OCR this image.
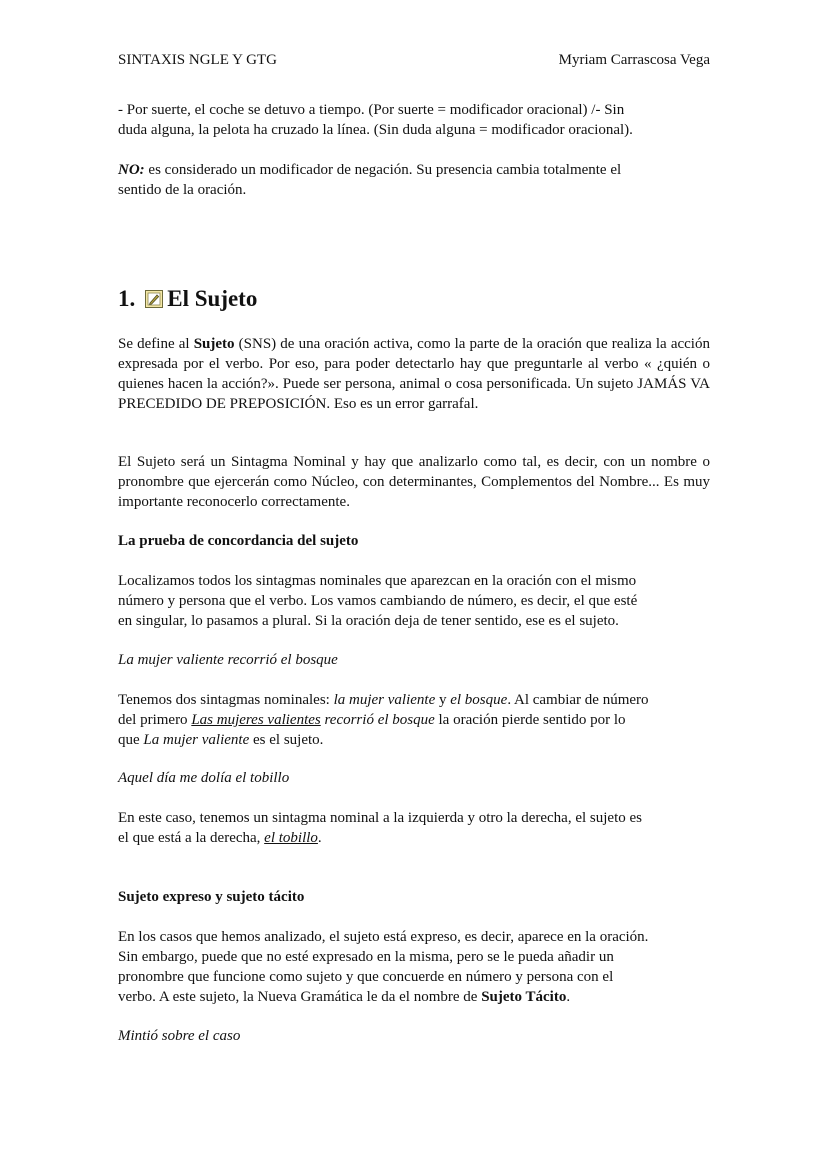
SINTAXIS NGLE Y GTG	Myriam Carrascosa Vega
- Por suerte, el coche se detuvo a tiempo. (Por suerte = modificador oracional) /- Sin
duda alguna, la pelota ha cruzado la línea. (Sin duda alguna = modificador oracional).
NO: es considerado un modificador de negación. Su presencia cambia totalmente el
sentido de la oración.
1. El Sujeto

Se define al Sujeto (SNS) de una oración activa, como la parte de la oración que realiza la acción expresada por el verbo. Por eso, para poder detectarlo hay que preguntarle al verbo « ¿quién o quienes hacen la acción?». Puede ser persona, animal o cosa personificada. Un sujeto JAMÁS VA PRECEDIDO DE PREPOSICIÓN. Eso es un error garrafal.

El Sujeto será un Sintagma Nominal y hay que analizarlo como tal, es decir, con un nombre o pronombre que ejercerán como Núcleo, con determinantes, Complementos del Nombre... Es muy importante reconocerlo correctamente.

La prueba de concordancia del sujeto
Localizamos todos los sintagmas nominales que aparezcan en la oración con el mismo
número y persona que el verbo. Los vamos cambiando de número, es decir, el que esté
en singular, lo pasamos a plural. Si la oración deja de tener sentido, ese es el sujeto.
La mujer valiente recorrió el bosque
Tenemos dos sintagmas nominales: la mujer valiente y el bosque. Al cambiar de número
del primero Las mujeres valientes recorrió el bosque la oración pierde sentido por lo
que La mujer valiente es el sujeto.
Aquel día me dolía el tobillo
En este caso, tenemos un sintagma nominal a la izquierda y otro la derecha, el sujeto es
el que está a la derecha, el tobillo.
Sujeto expreso y sujeto tácito
En los casos que hemos analizado, el sujeto está expreso, es decir, aparece en la oración.
Sin embargo, puede que no esté expresado en la misma, pero se le pueda añadir un
pronombre que funcione como sujeto y que concuerde en número y persona con el
verbo. A este sujeto, la Nueva Gramática le da el nombre de Sujeto Tácito.
Mintió sobre el caso
